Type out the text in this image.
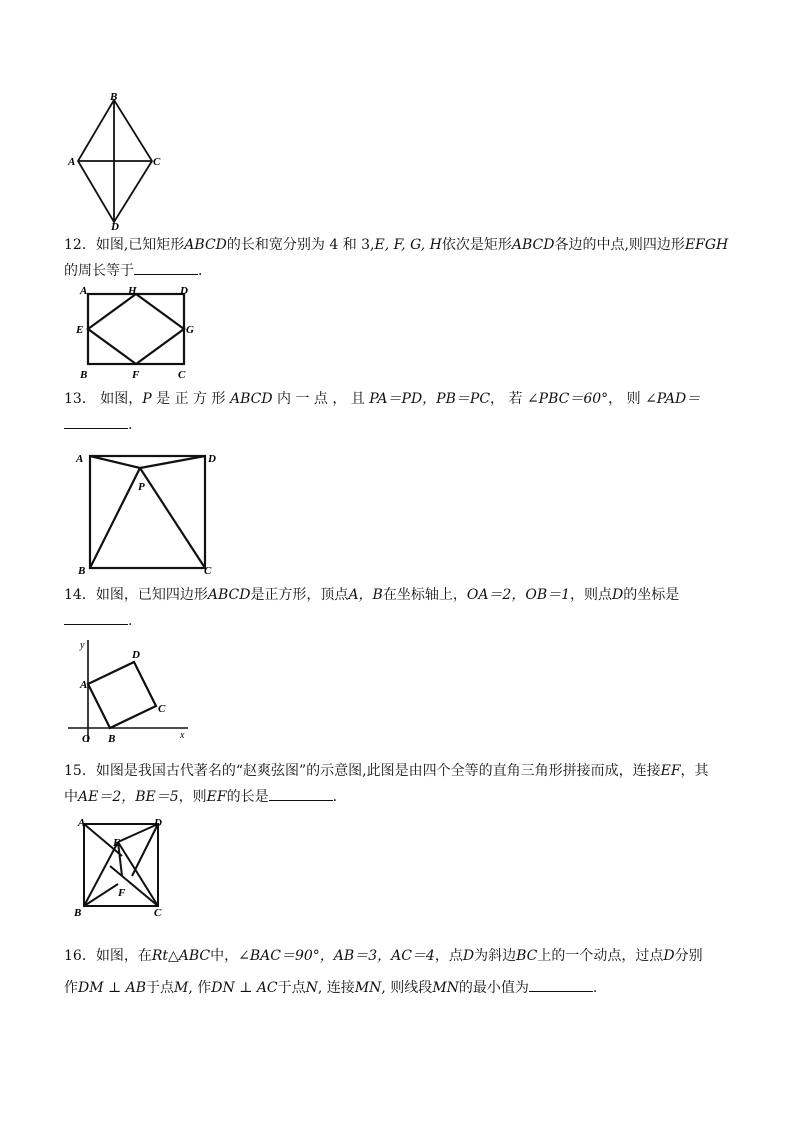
B
A	C
D
12．如图,已知矩形ABCD的长和宽分别为 4 和 3,E, F, G, H依次是矩形ABCD各边的中点,则四边形EFGH
的周长等于	.
A	H	D
E	G
B	F	C
13． 如图，P 是 正 方 形 ABCD 内 一 点 ， 且 PA＝PD，PB＝PC， 若 ∠PBC＝60°， 则 ∠PAD＝
.
A	D
P
B	C
14．如图，已知四边形ABCD是正方形，顶点A，B在坐标轴上，OA＝2，OB＝1，则点D的坐标是
.
y
x
O
A
B
C
D
15．如图是我国古代著名的“赵爽弦图”的示意图,此图是由四个全等的直角三角形拼接而成，连接EF，其
中AE＝2，BE＝5，则EF的长是	.
A	D
E
F
B	C
16．如图，在Rt△ABC中，∠BAC＝90°，AB＝3，AC＝4，点D为斜边BC上的一个动点，过点D分别
作DM ⊥ AB于点M, 作DN ⊥ AC于点N, 连接MN, 则线段MN的最小值为	.
